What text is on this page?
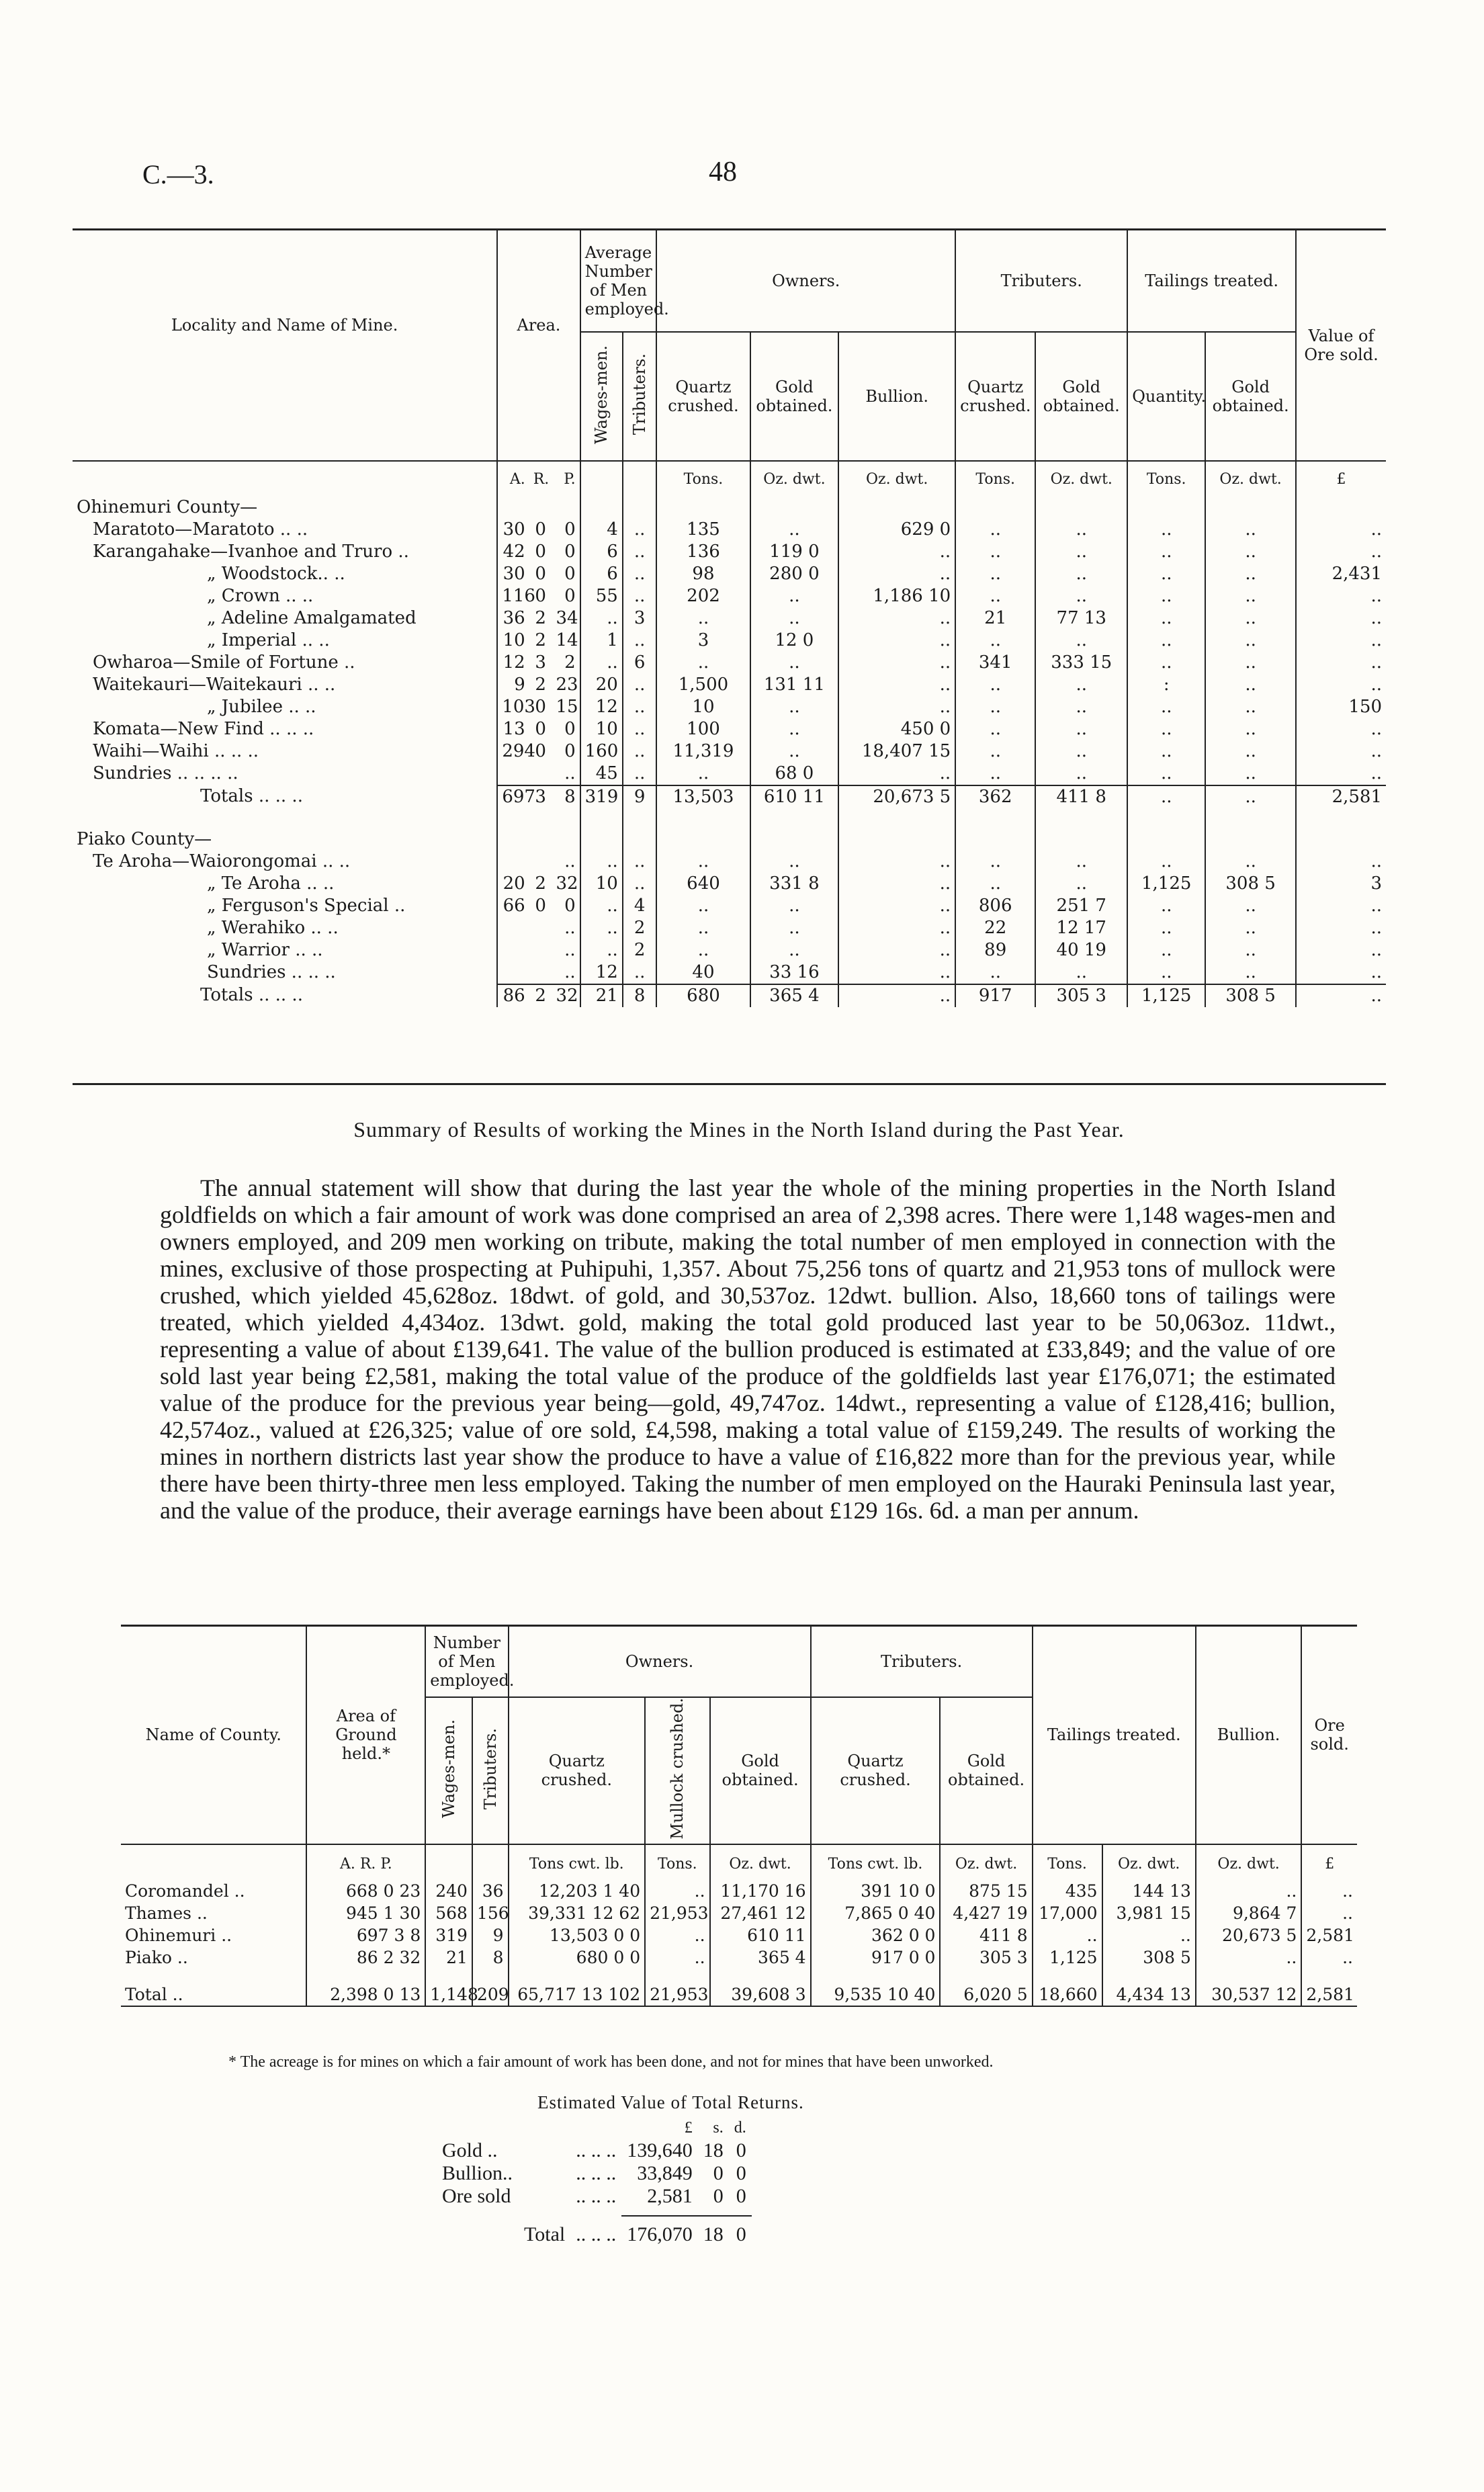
C.—3.	48
Locality and Name of Mine.	Area.			Average Number of Men employed.		Owners.			Tributers.		Tailings treated.		Value of Ore sold.
				Wages-men.	Tributers.	Quartz crushed.	Gold obtained.	Bullion.	Quartz crushed.	Gold obtained.	Quantity.	Gold obtained.	
	A.	R.	P.			Tons.	Oz. dwt.	Oz. dwt.	Tons.	Oz. dwt.	Tons.	Oz. dwt.	£
Ohinemuri County—													
Maratoto—Maratoto .. ..	30	0	0	4	..	135	..	629 0	..	..	..	..	..
Karangahake—Ivanhoe and Truro ..	42	0	0	6	..	136	119 0	..	..	..	..	..	..
„ Woodstock.. ..	30	0	0	6	..	98	280 0	..	..	..	..	..	2,431
„ Crown .. ..	116	0	0	55	..	202	..	1,186 10	..	..	..	..	..
„ Adeline Amalgamated	36	2	34	..	3	..	..	..	21	77 13	..	..	..
„ Imperial .. ..	10	2	14	1	..	3	12 0	..	..	..	..	..	..
Owharoa—Smile of Fortune ..	12	3	2	..	6	..	..	..	341	333 15	..	..	..
Waitekauri—Waitekauri .. ..	9	2	23	20	..	1,500	131 11	..	..	..	:	..	..
„ Jubilee .. ..	103	0	15	12	..	10	..	..	..	..	..	..	150
Komata—New Find .. .. ..	13	0	0	10	..	100	..	450 0	..	..	..	..	..
Waihi—Waihi .. .. ..	294	0	0	160	..	11,319	..	18,407 15	..	..	..	..	..
Sundries .. .. .. ..			..	45	..	..	68 0	..	..	..	..	..	..
Totals .. .. ..	697	3	8	319	9	13,503	610 11	20,673 5	362	411 8	..	..	2,581
Piako County—													
Te Aroha—Waiorongomai .. ..			..	..	..	..	..	..	..	..	..	..	..
„ Te Aroha .. ..	20	2	32	10	..	640	331 8	..	..	..	1,125	308 5	3
„ Ferguson's Special ..	66	0	0	..	4	..	..	..	806	251 7	..	..	..
„ Werahiko .. ..			..	..	2	..	..	..	22	12 17	..	..	..
„ Warrior .. ..			..	..	2	..	..	..	89	40 19	..	..	..
Sundries .. .. ..			..	12	..	40	33 16	..	..	..	..	..	..
Totals .. .. ..	86	2	32	21	8	680	365 4	..	917	305 3	1,125	308 5	..
Summary of Results of working the Mines in the North Island during the Past Year.

The annual statement will show that during the last year the whole of the mining properties in the North Island goldfields on which a fair amount of work was done comprised an area of 2,398 acres. There were 1,148 wages-men and owners employed, and 209 men working on tribute, making the total number of men employed in connection with the mines, exclusive of those prospecting at Puhipuhi, 1,357. About 75,256 tons of quartz and 21,953 tons of mullock were crushed, which yielded 45,628oz. 18dwt. of gold, and 30,537oz. 12dwt. bullion. Also, 18,660 tons of tailings were treated, which yielded 4,434oz. 13dwt. gold, making the total gold produced last year to be 50,063oz. 11dwt., representing a value of about £139,641. The value of the bullion produced is estimated at £33,849; and the value of ore sold last year being £2,581, making the total value of the produce of the goldfields last year £176,071; the estimated value of the produce for the previous year being—gold, 49,747oz. 14dwt., representing a value of £128,416; bullion, 42,574oz., valued at £26,325; value of ore sold, £4,598, making a total value of £159,249. The results of working the mines in northern districts last year show the produce to have a value of £16,822 more than for the previous year, while there have been thirty-three men less employed. Taking the number of men employed on the Hauraki Peninsula last year, and the value of the produce, their average earnings have been about £129 16s. 6d. a man per annum.

Name of County.	Area of Ground held.*	Number of Men employed.		Owners.			Tributers.		Tailings treated.		Bullion.	Ore sold.
		Wages-men.	Tributers.	Quartz crushed.	Mullock crushed.	Gold obtained.	Quartz crushed.	Gold obtained.				
	A. R. P.			Tons cwt. lb.	Tons.	Oz. dwt.	Tons cwt. lb.	Oz. dwt.	Tons.	Oz. dwt.	Oz. dwt.	£
Coromandel ..	668 0 23	240	36	12,203 1 40	..	11,170 16	391 10 0	875 15	435	144 13	..	..
Thames ..	945 1 30	568	156	39,331 12 62	21,953	27,461 12	7,865 0 40	4,427 19	17,000	3,981 15	9,864 7	..
Ohinemuri ..	697 3 8	319	9	13,503 0 0	..	610 11	362 0 0	411 8	..	..	20,673 5	2,581
Piako ..	86 2 32	21	8	680 0 0	..	365 4	917 0 0	305 3	1,125	308 5	..	..
Total ..	2,398 0 13	1,148	209	65,717 13 102	21,953	39,608 3	9,535 10 40	6,020 5	18,660	4,434 13	30,537 12	2,581

* The acreage is for mines on which a fair amount of work has been done, and not for mines that have been unworked.
Estimated Value of Total Returns.
		£	s.	d.
Gold ..	.. .. ..	139,640	18	0
Bullion..	.. .. ..	33,849	0	0
Ore sold	.. .. ..	2,581	0	0

Total	.. .. ..	176,070	18	0
